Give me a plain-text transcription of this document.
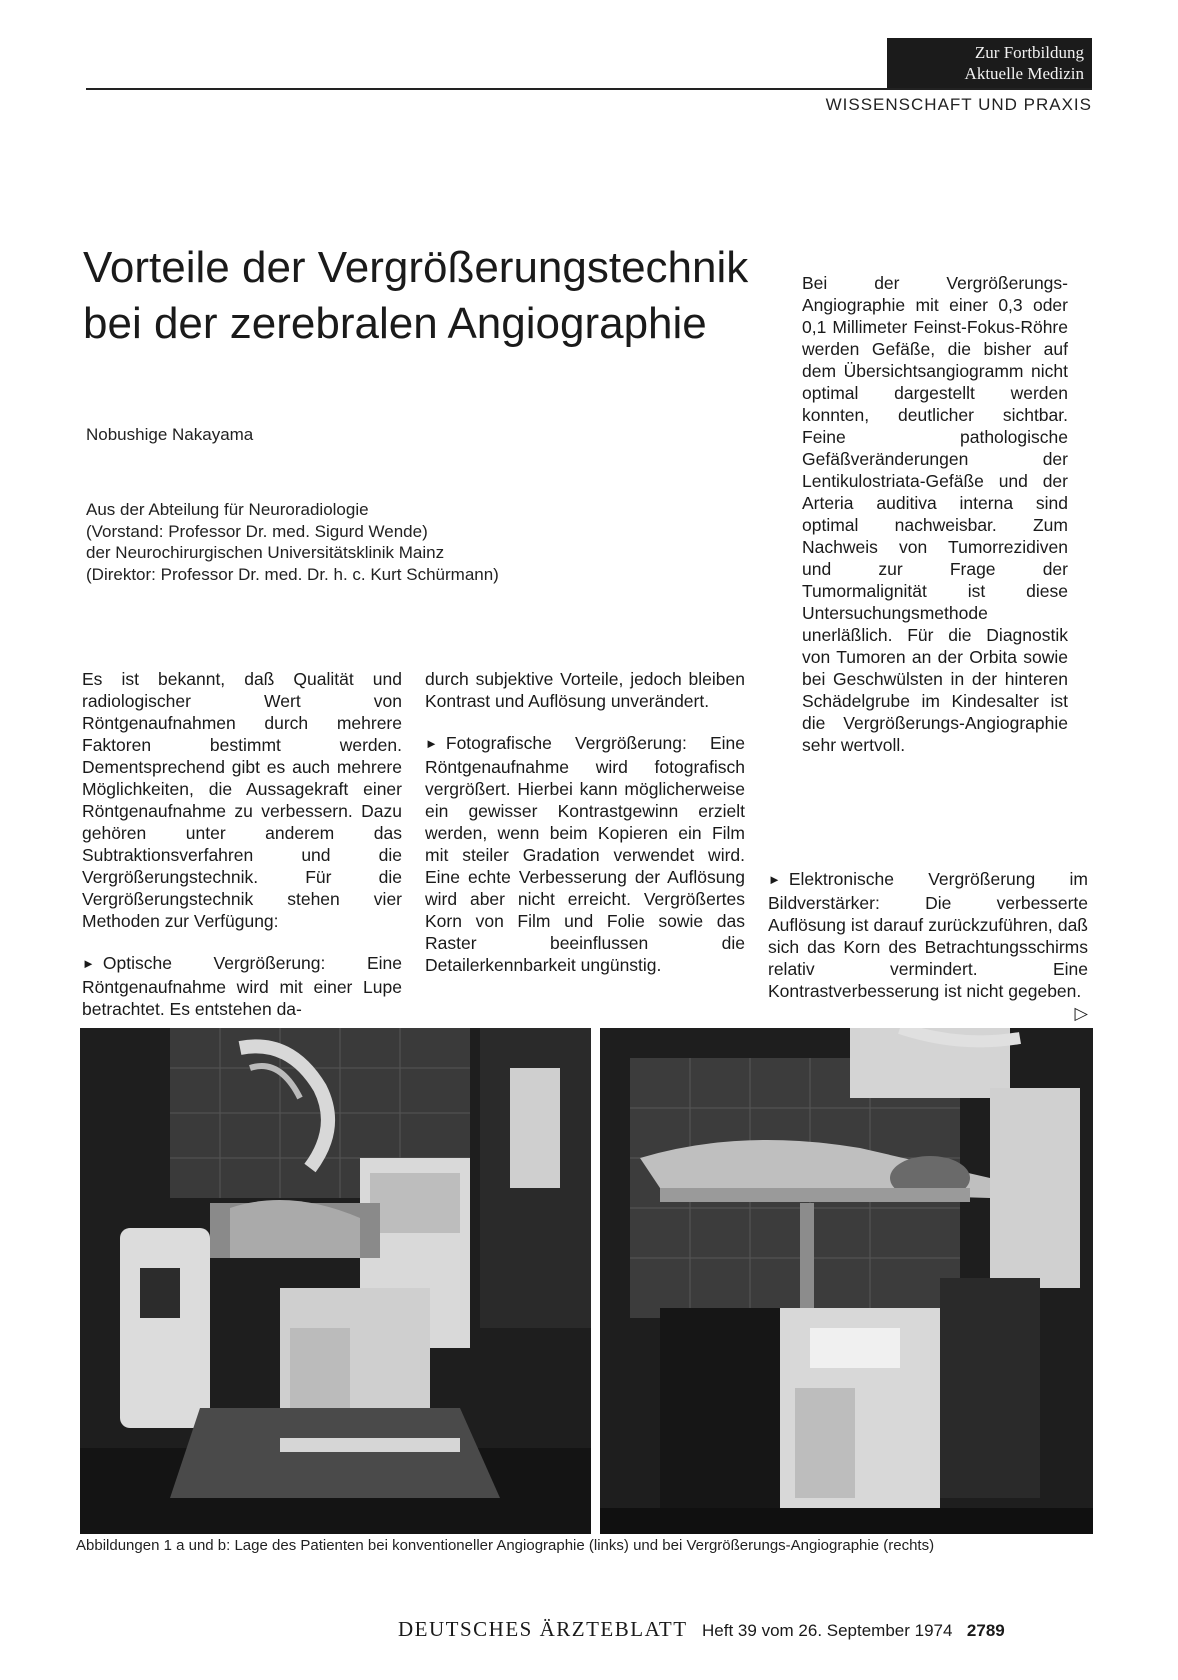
Zur Fortbildung
Aktuelle Medizin
WISSENSCHAFT UND PRAXIS
Vorteile der Vergrößerungstechnik
bei der zerebralen Angiographie
Nobushige Nakayama
Aus der Abteilung für Neuroradiologie
(Vorstand: Professor Dr. med. Sigurd Wende)
der Neurochirurgischen Universitätsklinik Mainz
(Direktor: Professor Dr. med. Dr. h. c. Kurt Schürmann)

Bei der Vergrößerungs-Angiographie mit einer 0,3 oder 0,1 Millimeter Feinst-Fokus-Röhre werden Gefäße, die bisher auf dem Übersichtsangiogramm nicht optimal dargestellt werden konnten, deutlicher sichtbar. Feine pathologische Gefäßveränderungen der Lentikulostriata-Gefäße und der Arteria auditiva interna sind optimal nachweisbar. Zum Nachweis von Tumorrezidiven und zur Frage der Tumormalignität ist diese Untersuchungsmethode unerläßlich. Für die Diagnostik von Tumoren an der Orbita sowie bei Geschwülsten in der hinteren Schädelgrube im Kindesalter ist die Vergrößerungs-Angiographie sehr wertvoll.

Es ist bekannt, daß Qualität und radiologischer Wert von Röntgenaufnahmen durch mehrere Faktoren bestimmt werden. Dementsprechend gibt es auch mehrere Möglichkeiten, die Aussagekraft einer Röntgenaufnahme zu verbessern. Dazu gehören unter anderem das Subtraktionsverfahren und die Vergrößerungstechnik. Für die Vergrößerungstechnik stehen vier Methoden zur Verfügung:

► Optische Vergrößerung: Eine Röntgenaufnahme wird mit einer Lupe betrachtet. Es entstehen da-

durch subjektive Vorteile, jedoch bleiben Kontrast und Auflösung unverändert.

► Fotografische Vergrößerung: Eine Röntgenaufnahme wird fotografisch vergrößert. Hierbei kann möglicherweise ein gewisser Kontrastgewinn erzielt werden, wenn beim Kopieren ein Film mit steiler Gradation verwendet wird. Eine echte Verbesserung der Auflösung wird aber nicht erreicht. Vergrößertes Korn von Film und Folie sowie das Raster beeinflussen die Detailerkennbarkeit ungünstig.

► Elektronische Vergrößerung im Bildverstärker: Die verbesserte Auflösung ist darauf zurückzuführen, daß sich das Korn des Betrachtungsschirms relativ vermindert. Eine Kontrastverbesserung ist nicht gegeben.
▷

Abbildungen 1 a und b: Lage des Patienten bei konventioneller Angiographie (links) und bei Vergrößerungs-Angiographie (rechts)
DEUTSCHES ÄRZTEBLATT Heft 39 vom 26. September 1974 2789
